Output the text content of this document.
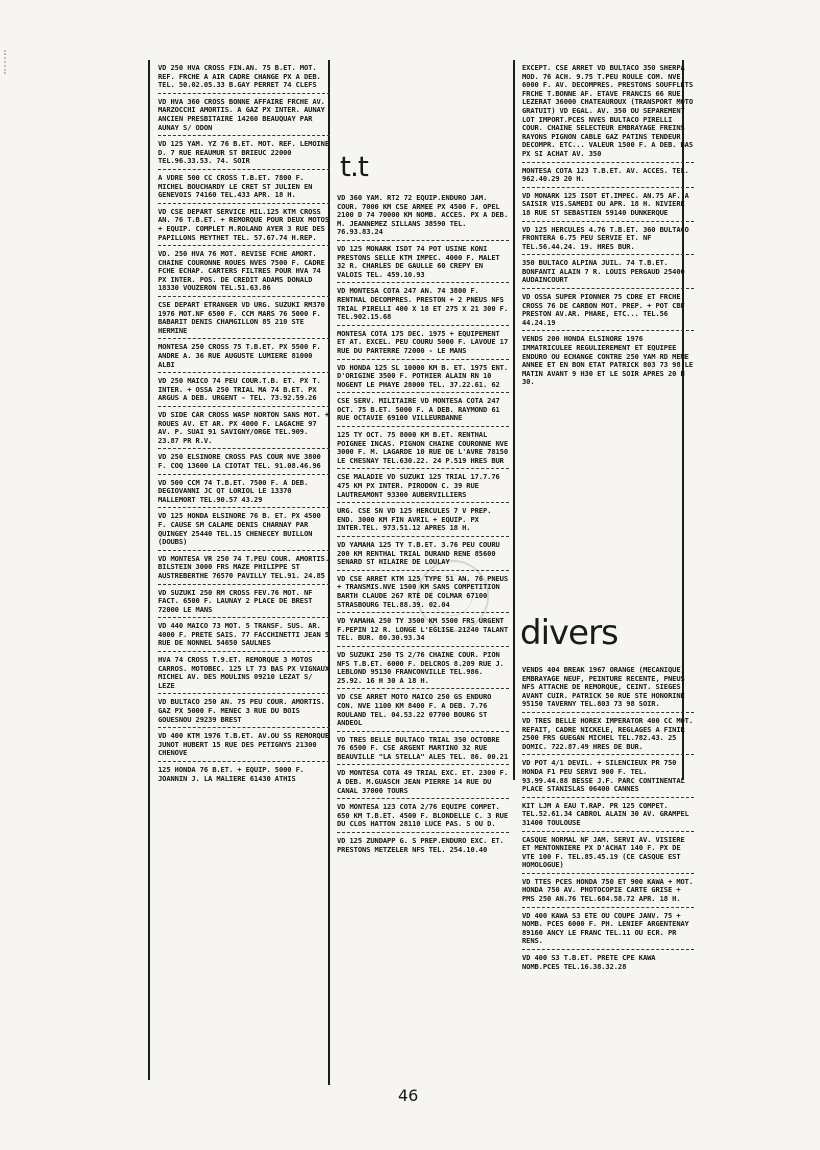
t.t
divers
VD 250 HVA CROSS FIN.AN. 75 B.ET. MOT. REF. FRCHE A AIR CADRE CHANGE PX A DEB. TEL. 50.02.05.33 B.GAY PERRET 74 CLEFS
VD HVA 360 CROSS BONNE AFFAIRE FRCHE AV. MARZOCCHI AMORTIS. A GAZ PX INTER. AUNAY ANCIEN PRESBITAIRE 14260 BEAUQUAY PAR AUNAY S/ ODON
VD 125 YAM. YZ 76 B.ET. MOT. REF. LEMOINE D. 7 RUE REAUMUR ST BRIEUC 22000 TEL.96.33.53. 74. SOIR
A VDRE 500 CC CROSS T.B.ET. 7800 F. MICHEL BOUCHARDY LE CRET ST JULIEN EN GENEVOIS 74160 TEL.433 APR. 18 H.
VD CSE DEPART SERVICE MIL.125 KTM CROSS AN. 76 T.B.ET. + REMORQUE POUR DEUX MOTOS + EQUIP. COMPLET M.ROLAND AYER 3 RUE DES PAPILLONS MEYTHET TEL. 57.67.74 H.REP.
VD. 250 HVA 76 MOT. REVISE FCHE AMORT. CHAINE COURONNE ROUES NVES 7500 F. CADRE FCHE ECHAP. CARTERS FILTRES POUR HVA 74 PX INTER. POS. DE CREDIT ADAMS DONALD 18330 VOUZERON TEL.51.63.86
CSE DEPART ETRANGER VD URG. SUZUKI RM370 1976 MOT.NF 6500 F. CCM MARS 76 5000 F. BABARIT DENIS CHAMGILLON 85 210 STE HERMINE
MONTESA 250 CROSS 75 T.B.ET. PX 5500 F. ANDRE A. 36 RUE AUGUSTE LUMIERE 81000 ALBI
VD 250 MAICO 74 PEU COUR.T.B. ET. PX T. INTER. + OSSA 250 TRIAL MA 74 B.ET. PX ARGUS A DEB. URGENT - TEL. 73.92.59.26
VD SIDE CAR CROSS WASP NORTON SANS MOT. + ROUES AV. ET AR. PX 4000 F. LAGACHE 97 AV. P. SUAI 91 SAVIGNY/ORGE TEL.909. 23.87 PR R.V.
VD 250 ELSINORE CROSS PAS COUR NVE 3800 F. COQ 13600 LA CIOTAT TEL. 91.08.46.96
VD 500 CCM 74 T.B.ET. 7500 F. A DEB. DEGIOVANNI JC QT LORIOL LE 13370 MALLEMORT TEL.90.57 43.29
VD 125 HONDA ELSINORE 76 B. ET. PX 4500 F. CAUSE SM CALAME DENIS CHARNAY PAR QUINGEY 25440 TEL.15 CHENECEY BUILLON (DOUBS)
VD MONTESA VR 250 74 T.PEU COUR. AMORTIS. BILSTEIN 3000 FRS MAZE PHILIPPE ST AUSTREBERTHE 76570 PAVILLY TEL.91. 24.85
VD SUZUKI 250 RM CROSS FEV.76 MOT. NF FACT. 6500 F. LAUNAY 2 PLACE DE BREST 72000 LE MANS
VD 440 MAICO 73 MOT. 5 TRANSF. SUS. AR. 4000 F. PRETE SAIS. 77 FACCHINETTI JEAN 5 RUE DE NONNEL 54650 SAULNES
HVA 74 CROSS T.9.ET. REMORQUE 3 MOTOS CARROS. MOTOBEC. 125 LT 73 BAS PX VIGNAUX MICHEL AV. DES MOULINS 09210 LEZAT S/ LEZE
VD BULTACO 250 AN. 75 PEU COUR. AMORTIS. GAZ PX 5000 F. MENEC 3 RUE DU BOIS GOUESNOU 29239 BREST
VD 400 KTM 1976 T.B.ET. AV.OU SS REMORQUE JUNOT HUBERT 15 RUE DES PETIGNYS 21300 CHENOVE
125 HONDA 76 B.ET. + EQUIP. 5000 F. JOANNIN J. LA MALIERE 61430 ATHIS
VD 360 YAM. RT2 72 EQUIP.ENDURO JAM. COUR. 7000 KM CSE ARMEE PX 4500 F. OPEL 2100 D 74 70000 KM NOMB. ACCES. PX A DEB. M. JEANNEMEZ SILLANS 38590 TEL. 76.93.83.24
VD 125 MONARK ISDT 74 POT USINE KONI PRESTONS SELLE KTM IMPEC. 4000 F. MALET 32 R. CHARLES DE GAULLE 60 CREPY EN VALOIS TEL. 459.10.93
VD MONTESA COTA 247 AN. 74 3800 F. RENTHAL DECOMPRES. PRESTON + 2 PNEUS NFS TRIAL PIRELLI 400 X 18 ET 275 X 21 300 F. TEL.902.15.68
MONTESA COTA 175 DEC. 1975 + EQUIPEMENT ET AT. EXCEL. PEU COURU 5000 F. LAVOUE 17 RUE DU PARTERRE 72000 - LE MANS
VD HONDA 125 SL 10000 KM B. ET. 1975 ENT. D'ORIGINE 3500 F. POTHIER ALAIN RN 10 NOGENT LE PHAYE 28000 TEL. 37.22.61. 62
CSE SERV. MILITAIRE VD MONTESA COTA 247 OCT. 75 B.ET. 5000 F. A DEB. RAYMOND 61 RUE OCTAVIE 69100 VILLEURBANNE
125 TY OCT. 75 8000 KM B.ET. RENTHAL POIGNEE INCAS. PIGNON CHAINE COURONNE NVE 3000 F. M. LAGARDE 10 RUE DE L'AVRE 78150 LE CHESNAY TEL.630.22. 24 P.519 HRES BUR
CSE MALADIE VD SUZUKI 125 TRIAL 17.7.76 475 KM PX INTER. PIRODON C. 39 RUE LAUTREAMONT 93300 AUBERVILLIERS
URG. CSE SN VD 125 HERCULES 7 V PREP. END. 3000 KM FIN AVRIL + EQUIP. PX INTER.TEL. 973.51.12 APRES 18 H.
VD YAMAHA 125 TY T.B.ET. 3.76 PEU COURU 200 KM RENTHAL TRIAL DURAND RENE 85600 SENARD ST HILAIRE DE LOULAY
VD CSE ARRET KTM 125 TYPE 51 AN. 76 PNEUS + TRANSMIS.NVE 1500 KM SANS COMPETITION BARTH CLAUDE 267 RTE DE COLMAR 67100 STRASBOURG TEL.88.39. 02.04
VD YAMAHA 250 TY 3500 KM 5500 FRS URGENT F.PEPIN 12 R. LONGE L'EGLISE 21240 TALANT TEL. BUR. 80.30.93.34
VD SUZUKI 250 TS 2/76 CHAINE COUR. PION NFS T.B.ET. 6000 F. DELCROS 8.209 RUE J. LEBLOND 95130 FRANCONVILLE TEL.986. 25.92. 16 H 30 A 18 H.
VD CSE ARRET MOTO MAICO 250 GS ENDURO CON. NVE 1100 KM 8400 F. A DEB. 7.76 ROULAND TEL. 04.53.22 07700 BOURG ST ANDEOL
VD TRES BELLE BULTACO TRIAL 350 OCTOBRE 76 6500 F. CSE ARGENT MARTINO 32 RUE BEAUVILLE "LA STELLA" ALES TEL. 86. 00.21
VD MONTESA COTA 49 TRIAL EXC. ET. 2300 F. A DEB. M.GUASCH JEAN PIERRE 14 RUE DU CANAL 37000 TOURS
VD MONTESA 123 COTA 2/76 EQUIPE COMPET. 650 KM T.B.ET. 4500 F. BLONDELLE C. 3 RUE DU CLOS HATTON 28110 LUCE PAS. S OU D.
VD 125 ZUNDAPP G. S PREP.ENDURO EXC. ET. PRESTONS METZELER NFS TEL. 254.10.40
EXCEPT. CSE ARRET VD BULTACO 350 SHERPA MOD. 76 ACH. 9.75 T.PEU ROULE COM. NVE 6000 F. AV. DECOMPRES. PRESTONS SOUFFLETS FRCHE T.BONNE AF. ETAVE FRANCIS 66 RUE LEZERAT 36000 CHATEAUROUX (TRANSPORT MOTO GRATUIT) VD EGAL. AV. 350 OU SEPAREMENT LOT IMPORT.PCES NVES BULTACO PIRELLI COUR. CHAINE SELECTEUR EMBRAYAGE FREINS RAYONS PIGNON CABLE GAZ PATINS TENDEUR DECOMPR. ETC... VALEUR 1500 F. A DEB. BAS PX SI ACHAT AV. 350
MONTESA COTA 123 T.B.ET. AV. ACCES. TEL. 962.40.29 20 H.
VD MONARK 125 ISDT ET.IMPEC. AN.75 AF. A SAISIR VIS.SAMEDI OU APR. 18 H. NIVIERE 18 RUE ST SEBASTIEN 59140 DUNKERQUE
VD 125 HERCULES 4.76 T.B.ET. 360 BULTACO FRONTERA 6.75 PEU SERVIE ET. NF TEL.56.44.24. 19. HRES BUR.
350 BULTACO ALPINA JUIL. 74 T.B.ET. BONFANTI ALAIN 7 R. LOUIS PERGAUD 25400 AUDAINCOURT
VD OSSA SUPER PIONNER 75 CDRE ET FRCHE CROSS 76 DE CARBON MOT. PREP. + POT CBF PRESTON AV.AR. PHARE, ETC... TEL.56 44.24.19
VENDS 200 HONDA ELSINORE 1976 IMMATRICULEE REGULIEREMENT ET EQUIPEE ENDURO OU ECHANGE CONTRE 250 YAM RD MEME ANNEE ET EN BON ETAT PATRICK 803 73 98 LE MATIN AVANT 9 H30 ET LE SOIR APRES 20 H 30.
VENDS 404 BREAK 1967 ORANGE (MECANIQUE) EMBRAYAGE NEUF, PEINTURE RECENTE, PNEUS NFS ATTACHE DE REMORQUE, CEINT. SIEGES AVANT CUIR. PATRICK 50 RUE STE HONORINE 95150 TAVERNY TEL.803 73 98 SOIR.
VD TRES BELLE HOREX IMPERATOR 400 CC MOT. REFAIT, CADRE NICKELE, REGLAGES A FINIR 2500 FRS GUEGAN MICHEL TEL.782.43. 25 DOMIC. 722.87.49 HRES DE BUR.
VD POT 4/1 DEVIL. + SILENCIEUX PR 750 HONDA F1 PEU SERVI 900 F. TEL. 93.99.44.88 BESSE J.F. PARC CONTINENTAL PLACE STANISLAS 06400 CANNES
KIT LJM A EAU T.RAP. PR 125 COMPET. TEL.52.61.34 CABROL ALAIN 30 AV. GRAMPEL 31400 TOULOUSE
CASQUE NORMAL NF JAM. SERVI AV. VISIERE ET MENTONNIERE PX D'ACHAT 140 F. PX DE VTE 100 F. TEL.85.45.19 (CE CASQUE EST HOMOLOGUE)
VD TTES PCES HONDA 750 ET 900 KAWA + MOT. HONDA 750 AV. PHOTOCOPIE CARTE GRISE + PMS 250 AN.76 TEL.684.58.72 APR. 18 H.
VD 400 KAWA S3 ETE OU COUPE JANV. 75 + NOMB. PCES 6000 F. PH. LENIEF ARGENTENAY 89160 ANCY LE FRANC TEL.11 OU ECR. PR RENS.
VD 400 S3 T.B.ET. PRETE CPE KAWA NOMB.PCES TEL.16.38.32.28
46
